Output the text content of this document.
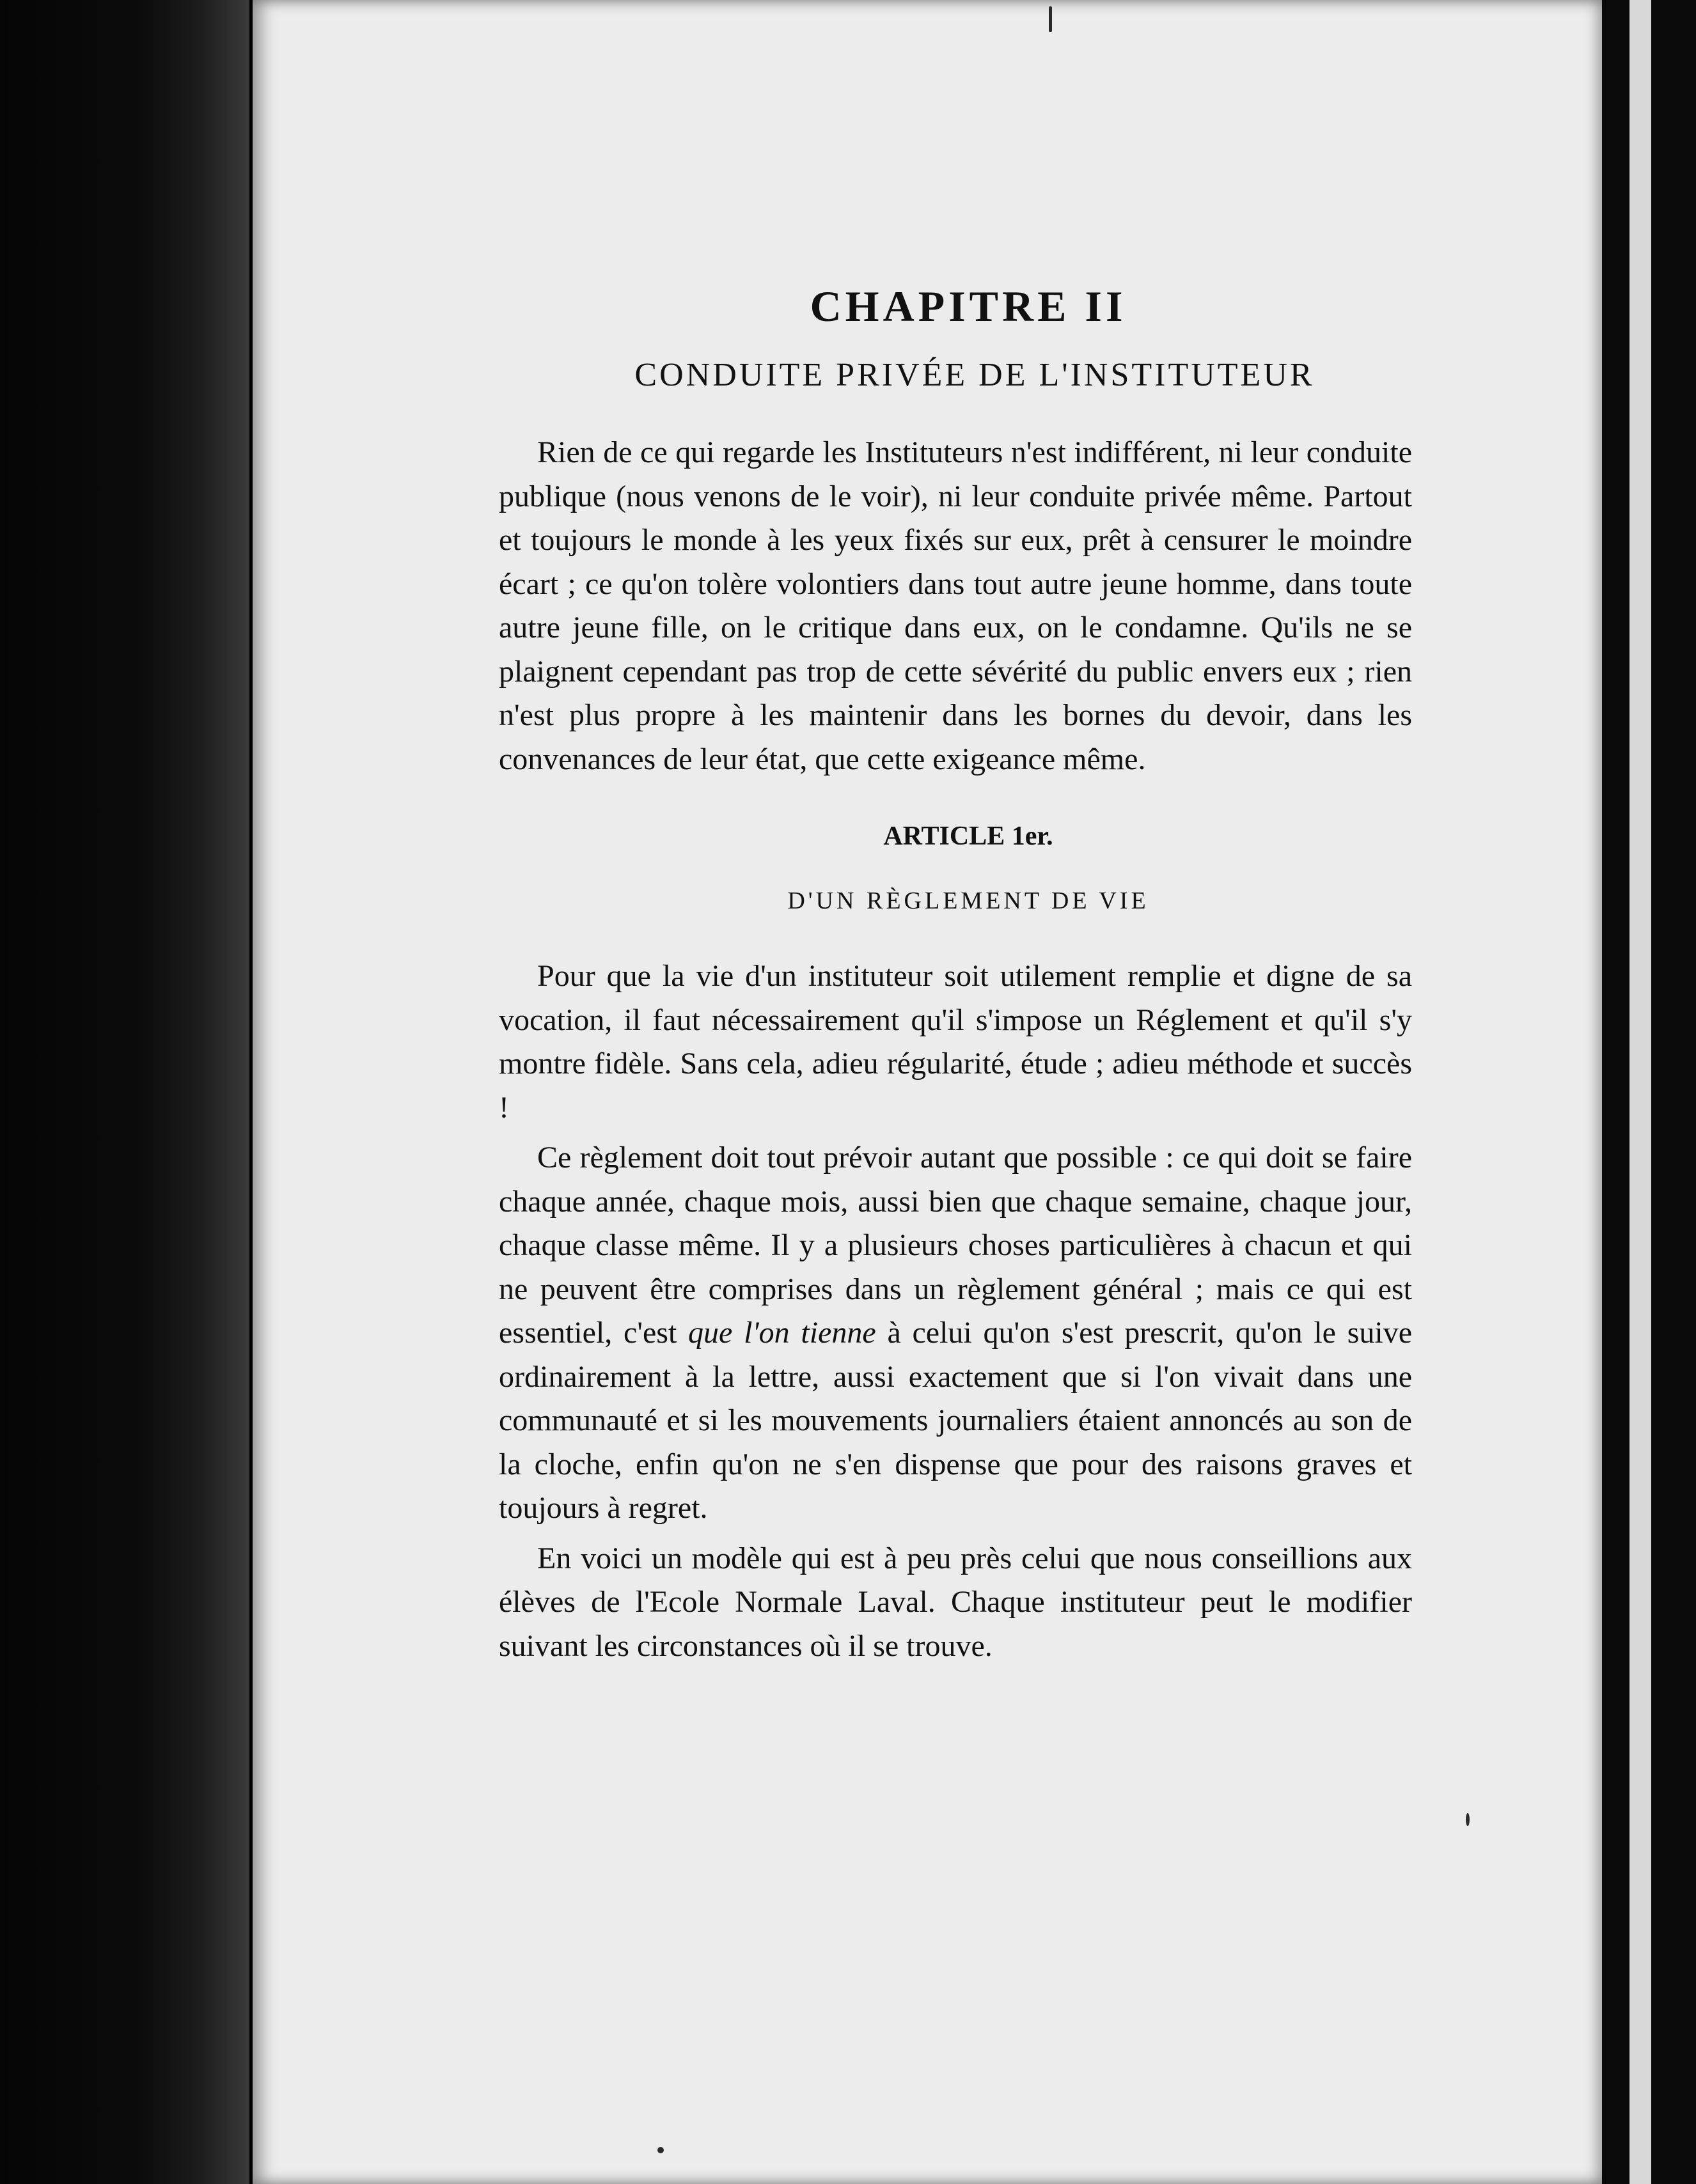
CHAPITRE II
CONDUITE PRIVÉE DE L'INSTITUTEUR

Rien de ce qui regarde les Instituteurs n'est indifférent, ni leur conduite publique (nous venons de le voir), ni leur conduite privée même. Partout et toujours le monde à les yeux fixés sur eux, prêt à censurer le moindre écart ; ce qu'on tolère volontiers dans tout autre jeune homme, dans toute autre jeune fille, on le critique dans eux, on le condamne. Qu'ils ne se plaignent cependant pas trop de cette sévérité du public envers eux ; rien n'est plus propre à les maintenir dans les bornes du devoir, dans les convenances de leur état, que cette exigeance même.

ARTICLE 1er.
D'UN RÈGLEMENT DE VIE

Pour que la vie d'un instituteur soit utilement remplie et digne de sa vocation, il faut nécessairement qu'il s'impose un Réglement et qu'il s'y montre fidèle. Sans cela, adieu régularité, étude ; adieu méthode et succès !

Ce règlement doit tout prévoir autant que possible : ce qui doit se faire chaque année, chaque mois, aussi bien que chaque semaine, chaque jour, chaque classe même. Il y a plusieurs choses particulières à chacun et qui ne peuvent être comprises dans un règlement général ; mais ce qui est essentiel, c'est que l'on tienne à celui qu'on s'est prescrit, qu'on le suive ordinairement à la lettre, aussi exactement que si l'on vivait dans une communauté et si les mouvements journaliers étaient annoncés au son de la cloche, enfin qu'on ne s'en dispense que pour des raisons graves et toujours à regret.

En voici un modèle qui est à peu près celui que nous conseillions aux élèves de l'Ecole Normale Laval. Chaque instituteur peut le modifier suivant les circonstances où il se trouve.
